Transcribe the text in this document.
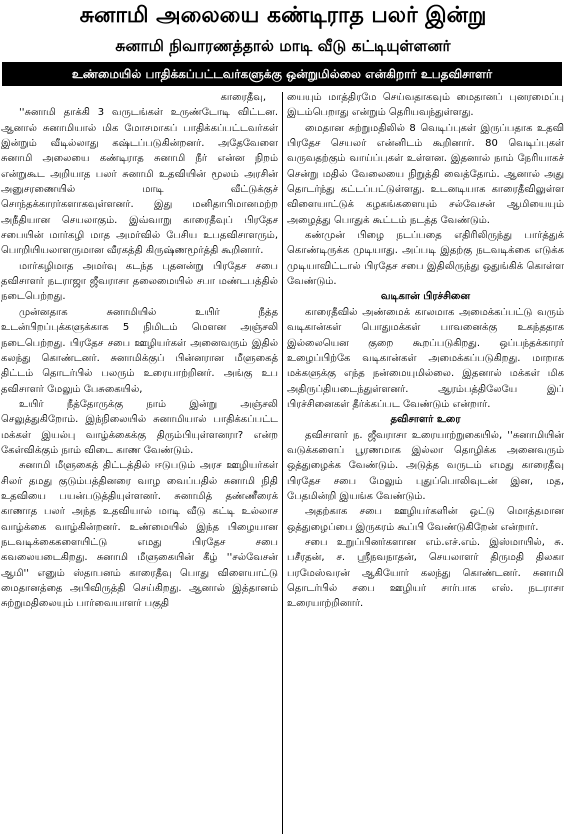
சுனாமி அலையை கண்டிராத பலர் இன்று
சுனாமி நிவாரணத்தால் மாடி வீடு கட்டியுள்ளனர்
உண்மையில் பாதிக்கப்பட்டவர்களுக்கு ஒன்றுமில்லை என்கிறார் உபதவிசாளர்

காரைதீவு,

''சுனாமி தாக்கி 3 வருடங்கள் உருண்டோடி விட்டன. ஆனால் சுனாமியால் மிக மோசமாகப் பாதிக்கப்பட்டவர்கள் இன்றும் வீடில்லாது கஷ்டப்படுகின்றனர். அதேவேளை சுனாமி அலையை கண்டிராத சுனாமி நீர் என்ன நிறம் என்றுகூட அறியாத பலர் சுனாமி உதவியின் மூலம் அரசின் அனுசரணையில் மாடி வீட்டுக்குச் சொந்தக்காரர்களாகவுள்ளனர். இது மனிதாபிமானமற்ற அநீதியான செயலாகும். இவ்வாறு காரைதீவுப் பிரதேச சபையின் மார்கழி மாத அமர்வில் பேசிய உபதவிசாளரும், பொறியியலாளருமான வீரகத்தி கிருஷ்ணமூர்த்தி கூறினார்.

மார்கழிமாத அமர்வு கடந்த புதனன்று பிரதேச சபை தவிசாளர் நடராஜா ஜீவராசா தலைமையில் சபா மண்டபத்தில் நடைபெற்றது.

முன்னதாக சுனாமியில் உயிர் நீத்த உடன்பிறப்புக்களுக்காக 5 நிமிடம் மௌன அஞ்சலி நடைபெற்றது. பிரதேச சபை ஊழியர்கள் அனைவரும் இதில் கலந்து கொண்டனர். சுனாமிக்குப் பின்னரான மீளுகைத் திட்டம் தொடர்பில் பலரும் உரையாற்றினர். அங்கு உப தவிசாளர் மேலும் பேசுகையில்,

உயிர் நீத்தோருக்கு நாம் இன்று அஞ்சலி செலுத்துகிறோம். இந்நிலையில் சுனாமியால் பாதிக்கப்பட்ட மக்கள் இயல்பு வாழ்க்கைக்கு திரும்பியுள்ளனரா? என்ற கேள்விக்கும் நாம் விடை காண வேண்டும்.

சுனாமி மீளுகைத் திட்டத்தில் ஈடுபடும் அரச ஊழியர்கள் சிலர் தமது குடும்பத்தினரை வாழ வைப்பதில் சுனாமி நிதி உதவியை பயன்படுத்தியுள்ளனர். சுனாமித் தண்ணீரைக் காணாத பலர் அந்த உதவியால் மாடி வீடு கட்டி உல்லாச வாழ்க்கை வாழ்கின்றனர். உண்மையில் இந்த பிழையான நடவடிக்கைகளையிட்டு எமது பிரதேச சபை கவலையடைகிறது. சுனாமி மீளுகையின் கீழ் ''சல்வேசன் ஆமி'' எனும் ஸ்தாபனம் காரைதீவு பொது விளையாட்டு மைதானத்தை அபிவிருத்தி செய்கிறது. ஆனால் இத்தானம் சுற்றுமதிலையும் பார்வையாளர் பகுதி

யையும் மாத்திரமே செய்வதாகவும் மைதானப் புனரமைப்பு இடம்பெறாது என்றும் தெரியவந்துள்ளது.

மைதான சுற்றுமதிலில் 8 வெடிப்புகள் இருப்பதாக உதவி பிரதேச செயலர் என்னிடம் கூறினார். 80 வெடிப்புகள் வருவதற்கும் வாய்ப்புகள் உள்ளன. இதனால் நாம் நேரியாகச் சென்று மதில் வேலையை நிறுத்தி வைத்தோம். ஆனால் அது தொடர்ந்து கட்டப்பட்டுள்ளது. உடனடியாக காரைதீவிலுள்ள விளையாட்டுக் கழகங்களையும் சல்வேசன் ஆமியையும் அழைத்து பொதுக் கூட்டம் நடத்த வேண்டும்.

கண்முன் பிழை நடப்பதை எதிரிலிருந்து பார்த்துக் கொண்டிருக்க முடியாது. அப்படி இதற்கு நடவடிக்கை எடுக்க முடியாவிட்டால் பிரதேச சபை இதிலிருந்து ஒதுங்கிக் கொள்ள வேண்டும்.

வடிகான் பிரச்சினை

காரைதீவில் அண்மைக் காலமாக அமைக்கப்பட்டு வரும் வடிகான்கள் பொதுமக்கள் பாவனைக்கு உகந்ததாக இல்லையென குறை கூறப்படுகிறது. ஒப்பந்தக்காரர் உழைப்பிற்கே வடிகான்கள் அமைக்கப்படுகிறது. மாறாக மக்களுக்கு எந்த நன்மையுமில்லை. இதனால் மக்கள் மிக அதிருப்தியடைந்துள்ளனர். ஆரம்பத்திலேயே இப் பிரச்சினைகள் தீர்க்கப்பட வேண்டும் என்றார்.

தவிசாளர் உரை

தவிசாளர் ந. ஜீவராசா உரையாற்றுகையில், ''சுனாமியின் வடுக்களைப் பூரணமாக இல்லா தொழிக்க அனைவரும் ஒத்துழைக்க வேண்டும். அடுத்த வருடம் எமது காரைதீவு பிரதேச சபை மேலும் புதுப்பொலிவுடன் இன, மத, பேதமின்றி இயங்க வேண்டும்.

அதற்காக சபை ஊழியர்களின் ஒட்டு மொத்தமான ஒத்துழைப்பை இருகரம் கூப்பி வேண்டுகிறேன் என்றார்.

சபை உறுப்பினர்களான எம்.எச்.எம். இஸ்மாயில், சு. பசீரதன், ச. ஸ்ரீநவநாதன், செயலாளர் திருமதி திலகா பரமேஸ்வரன் ஆகியோர் கலந்து கொண்டனர். சுனாமி தொடர்பில் சபை ஊழியர் சார்பாக எஸ். நடராசா உரையாற்றினார்.
